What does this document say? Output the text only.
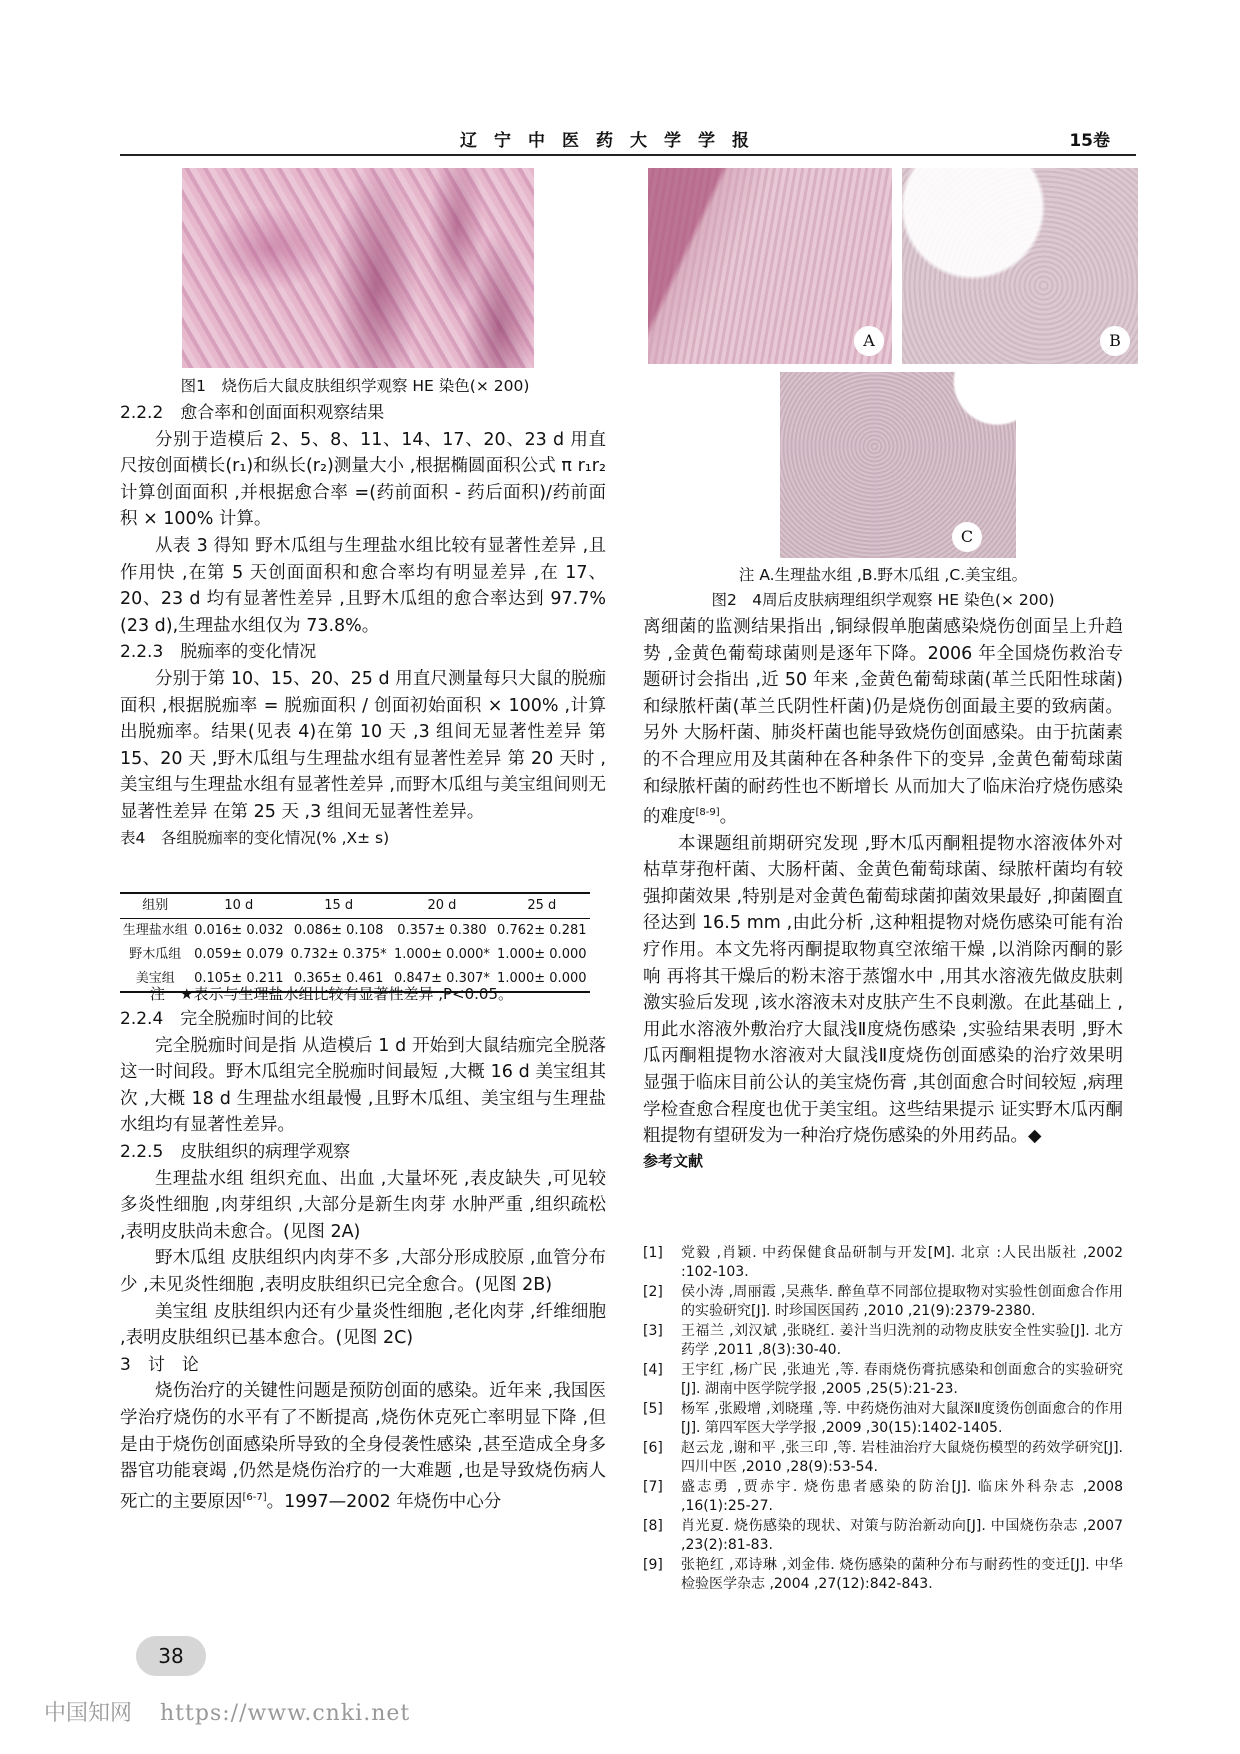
辽宁中医药大学学报	15卷
图1　烧伤后大鼠皮肤组织学观察 HE 染色(× 200)
A	B
C
注 A.生理盐水组 ,B.野木瓜组 ,C.美宝组。
图2　4周后皮肤病理组织学观察 HE 染色(× 200)

2.2.2　愈合率和创面面积观察结果

分别于造模后 2、5、8、11、14、17、20、23 d 用直尺按创面横长(r₁)和纵长(r₂)测量大小 ,根据椭圆面积公式 π r₁r₂ 计算创面面积 ,并根据愈合率 =(药前面积 - 药后面积)/药前面积 × 100% 计算。

从表 3 得知 野木瓜组与生理盐水组比较有显著性差异 ,且作用快 ,在第 5 天创面面积和愈合率均有明显差异 ,在 17、20、23 d 均有显著性差异 ,且野木瓜组的愈合率达到 97.7%(23 d),生理盐水组仅为 73.8%。

2.2.3　脱痂率的变化情况

分别于第 10、15、20、25 d 用直尺测量每只大鼠的脱痂面积 ,根据脱痂率 = 脱痂面积 / 创面初始面积 × 100% ,计算出脱痂率。结果(见表 4)在第 10 天 ,3 组间无显著性差异 第 15、20 天 ,野木瓜组与生理盐水组有显著性差异 第 20 天时 ,美宝组与生理盐水组有显著性差异 ,而野木瓜组与美宝组间则无显著性差异 在第 25 天 ,3 组间无显著性差异。

表4　各组脱痂率的变化情况(% ,X± s)

组别	10 d	15 d	20 d	25 d
生理盐水组	0.016± 0.032	0.086± 0.108	0.357± 0.380	0.762± 0.281
野木瓜组	0.059± 0.079	0.732± 0.375*	1.000± 0.000*	1.000± 0.000
美宝组	0.105± 0.211	0.365± 0.461	0.847± 0.307*	1.000± 0.000

注　★表示与生理盐水组比较有显著性差异 ,P<0.05。

2.2.4　完全脱痂时间的比较

完全脱痂时间是指 从造模后 1 d 开始到大鼠结痂完全脱落这一时间段。野木瓜组完全脱痂时间最短 ,大概 16 d 美宝组其次 ,大概 18 d 生理盐水组最慢 ,且野木瓜组、美宝组与生理盐水组均有显著性差异。

2.2.5　皮肤组织的病理学观察

生理盐水组 组织充血、出血 ,大量坏死 ,表皮缺失 ,可见较多炎性细胞 ,肉芽组织 ,大部分是新生肉芽 水肿严重 ,组织疏松 ,表明皮肤尚未愈合。(见图 2A)

野木瓜组 皮肤组织内肉芽不多 ,大部分形成胶原 ,血管分布少 ,未见炎性细胞 ,表明皮肤组织已完全愈合。(见图 2B)

美宝组 皮肤组织内还有少量炎性细胞 ,老化肉芽 ,纤维细胞 ,表明皮肤组织已基本愈合。(见图 2C)

3　讨　论

烧伤治疗的关键性问题是预防创面的感染。近年来 ,我国医学治疗烧伤的水平有了不断提高 ,烧伤休克死亡率明显下降 ,但是由于烧伤创面感染所导致的全身侵袭性感染 ,甚至造成全身多器官功能衰竭 ,仍然是烧伤治疗的一大难题 ,也是导致烧伤病人死亡的主要原因[6-7]。1997—2002 年烧伤中心分

离细菌的监测结果指出 ,铜绿假单胞菌感染烧伤创面呈上升趋势 ,金黄色葡萄球菌则是逐年下降。2006 年全国烧伤救治专题研讨会指出 ,近 50 年来 ,金黄色葡萄球菌(革兰氏阳性球菌)和绿脓杆菌(革兰氏阴性杆菌)仍是烧伤创面最主要的致病菌。另外 大肠杆菌、肺炎杆菌也能导致烧伤创面感染。由于抗菌素的不合理应用及其菌种在各种条件下的变异 ,金黄色葡萄球菌和绿脓杆菌的耐药性也不断增长 从而加大了临床治疗烧伤感染的难度[8-9]。

本课题组前期研究发现 ,野木瓜丙酮粗提物水溶液体外对枯草芽孢杆菌、大肠杆菌、金黄色葡萄球菌、绿脓杆菌均有较强抑菌效果 ,特别是对金黄色葡萄球菌抑菌效果最好 ,抑菌圈直径达到 16.5 mm ,由此分析 ,这种粗提物对烧伤感染可能有治疗作用。本文先将丙酮提取物真空浓缩干燥 ,以消除丙酮的影响 再将其干燥后的粉末溶于蒸馏水中 ,用其水溶液先做皮肤刺激实验后发现 ,该水溶液未对皮肤产生不良刺激。在此基础上 ,用此水溶液外敷治疗大鼠浅Ⅱ度烧伤感染 ,实验结果表明 ,野木瓜丙酮粗提物水溶液对大鼠浅Ⅱ度烧伤创面感染的治疗效果明显强于临床目前公认的美宝烧伤膏 ,其创面愈合时间较短 ,病理学检查愈合程度也优于美宝组。这些结果提示 证实野木瓜丙酮粗提物有望研发为一种治疗烧伤感染的外用药品。◆

参考文献

[1]	党毅 ,肖颖. 中药保健食品研制与开发[M]. 北京 :人民出版社 ,2002 :102-103.
[2]	侯小涛 ,周丽霞 ,吴燕华. 醉鱼草不同部位提取物对实验性创面愈合作用的实验研究[J]. 时珍国医国药 ,2010 ,21(9):2379-2380.
[3]	王福兰 ,刘汉斌 ,张晓红. 姜汁当归洗剂的动物皮肤安全性实验[J]. 北方药学 ,2011 ,8(3):30-40.
[4]	王宇红 ,杨广民 ,张迪光 ,等. 春雨烧伤膏抗感染和创面愈合的实验研究[J]. 湖南中医学院学报 ,2005 ,25(5):21-23.
[5]	杨军 ,张殿增 ,刘晓瑾 ,等. 中药烧伤油对大鼠深Ⅱ度烫伤创面愈合的作用[J]. 第四军医大学学报 ,2009 ,30(15):1402-1405.
[6]	赵云龙 ,谢和平 ,张三印 ,等. 岩桂油治疗大鼠烧伤模型的药效学研究[J]. 四川中医 ,2010 ,28(9):53-54.
[7]	盛志勇 ,贾赤宇. 烧伤患者感染的防治[J]. 临床外科杂志 ,2008 ,16(1):25-27.
[8]	肖光夏. 烧伤感染的现状、对策与防治新动向[J]. 中国烧伤杂志 ,2007 ,23(2):81-83.
[9]	张艳红 ,邓诗琳 ,刘金伟. 烧伤感染的菌种分布与耐药性的变迁[J]. 中华检验医学杂志 ,2004 ,27(12):842-843.
38
中国知网 https://www.cnki.net
